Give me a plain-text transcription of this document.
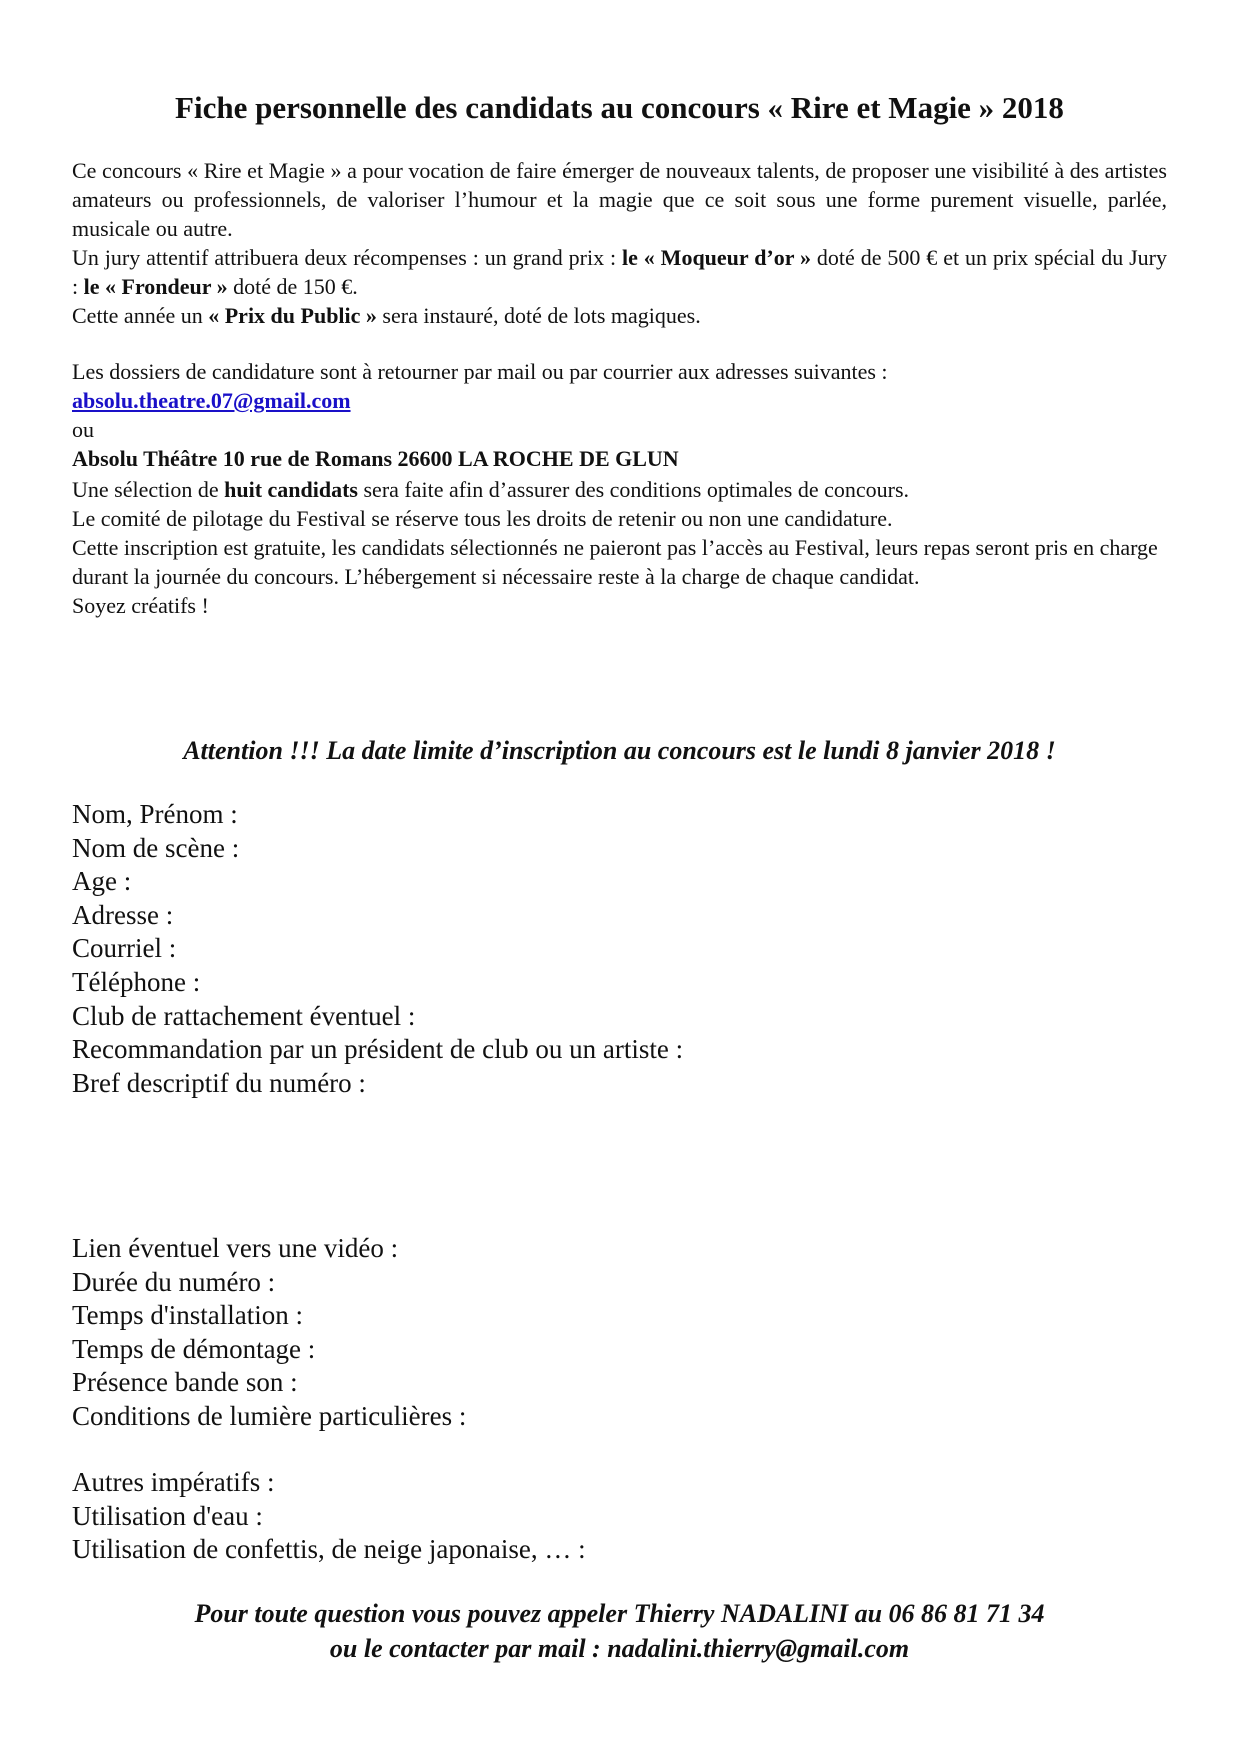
Fiche personnelle des candidats au concours « Rire et Magie » 2018

Ce concours « Rire et Magie » a pour vocation de faire émerger de nouveaux talents, de proposer une visibilité à des artistes amateurs ou professionnels, de valoriser l’humour et la magie que ce soit sous une forme purement visuelle, parlée, musicale ou autre.

Un jury attentif attribuera deux récompenses : un grand prix : le « Moqueur d’or » doté de 500 € et un prix spécial du Jury : le « Frondeur » doté de 150 €.

Cette année un « Prix du Public » sera instauré, doté de lots magiques.

Les dossiers de candidature sont à retourner par mail ou par courrier aux adresses suivantes :

absolu.theatre.07@gmail.com

ou

Absolu Théâtre 10 rue de Romans 26600 LA ROCHE DE GLUN

Une sélection de huit candidats sera faite afin d’assurer des conditions optimales de concours.

Le comité de pilotage du Festival se réserve tous les droits de retenir ou non une candidature.

Cette inscription est gratuite, les candidats sélectionnés ne paieront pas l’accès au Festival, leurs repas seront pris en charge durant la journée du concours. L’hébergement si nécessaire reste à la charge de chaque candidat.

Soyez créatifs !

Attention !!! La date limite d’inscription au concours est le lundi 8 janvier 2018 !
Nom, Prénom :
Nom de scène :
Age :
Adresse :
Courriel :
Téléphone :
Club de rattachement éventuel :
Recommandation par un président de club ou un artiste :
Bref descriptif du numéro :
Lien éventuel vers une vidéo :
Durée du numéro :
Temps d'installation :
Temps de démontage :
Présence bande son :
Conditions de lumière particulières :
Autres impératifs :
Utilisation d'eau :
Utilisation de confettis, de neige japonaise, … :
Pour toute question vous pouvez appeler Thierry NADALINI au 06 86 81 71 34
ou le contacter par mail : nadalini.thierry@gmail.com
